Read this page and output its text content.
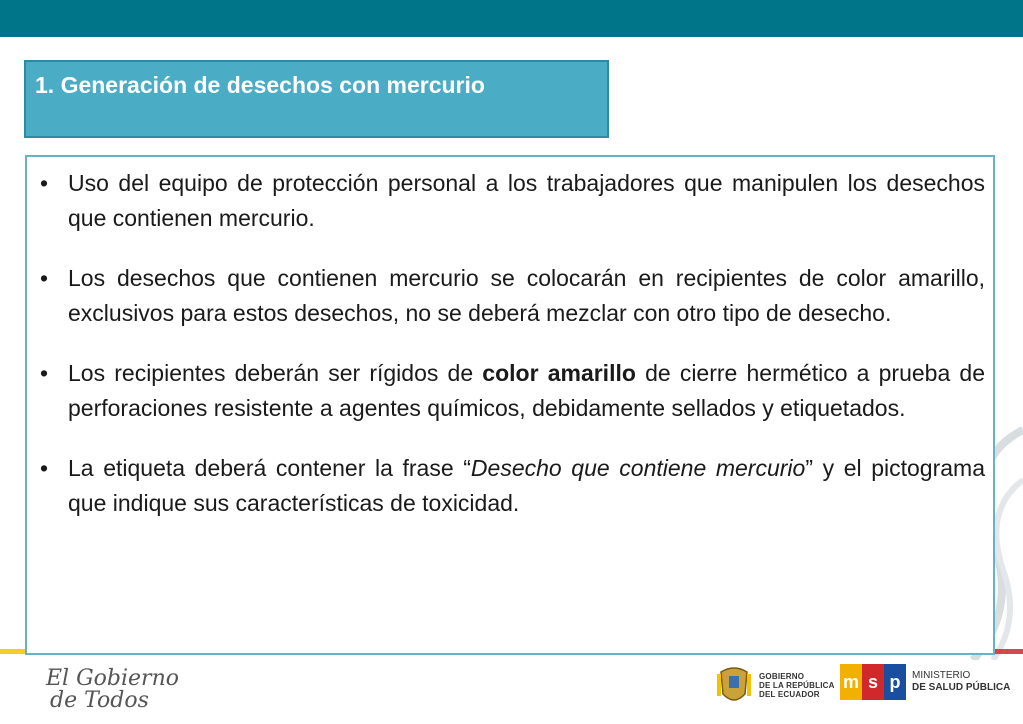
1. Generación de desechos con mercurio
• Uso del equipo de protección personal a los trabajadores que manipulen los desechos que contienen mercurio.
• Los desechos que contienen mercurio se colocarán en recipientes de color amarillo, exclusivos para estos desechos, no se deberá mezclar con otro tipo de desecho.
• Los recipientes deberán ser rígidos de color amarillo de cierre hermético a prueba de perforaciones resistente a agentes químicos, debidamente sellados y etiquetados.
• La etiqueta deberá contener la frase “Desecho que contiene mercurio” y el pictograma que indique sus características de toxicidad.
El Gobierno
de Todos
GOBIERNO
DE LA REPÚBLICA
DEL ECUADOR
m s p	MINISTERIO
DE SALUD PÚBLICA
